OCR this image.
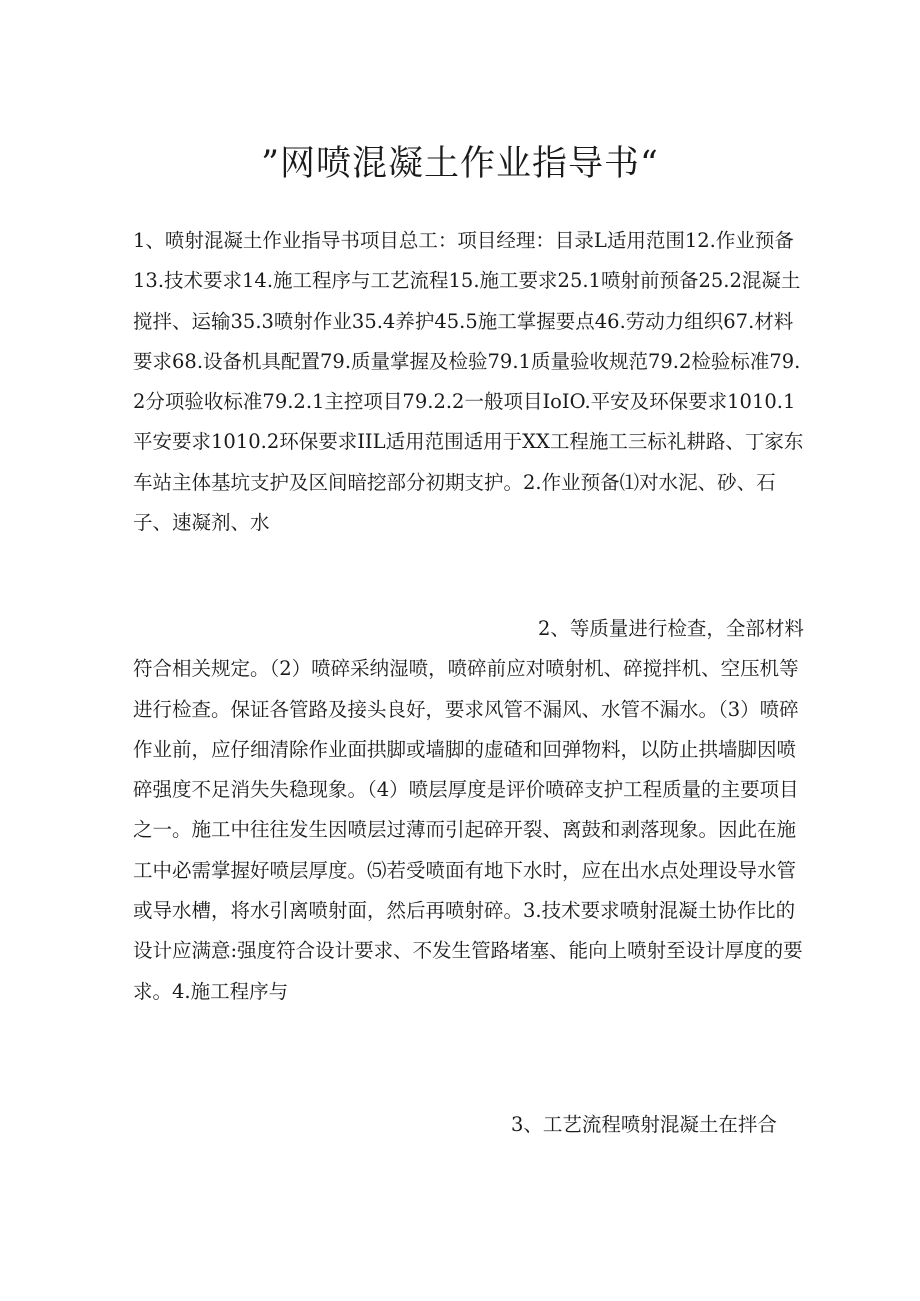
”网喷混凝土作业指导书“

1、喷射混凝土作业指导书项目总工：项目经理：目录L适用范围12.作业预备13.技术要求14.施工程序与工艺流程15.施工要求25.1喷射前预备25.2混凝土搅拌、运输35.3喷射作业35.4养护45.5施工掌握要点46.劳动力组织67.材料要求68.设备机具配置79.质量掌握及检验79.1质量验收规范79.2检验标准79.2分项验收标准79.2.1主控项目79.2.2一般项目IoIO.平安及环保要求1010.1平安要求1010.2环保要求IIL适用范围适用于XX工程施工三标礼耕路、丁家东车站主体基坑支护及区间暗挖部分初期支护。2.作业预备⑴对水泥、砂、石子、速凝剂、水

2、等质量进行检查，全部材料符合相关规定。（2）喷碎采纳湿喷，喷碎前应对喷射机、碎搅拌机、空压机等进行检查。保证各管路及接头良好，要求风管不漏风、水管不漏水。（3）喷碎作业前，应仔细清除作业面拱脚或墙脚的虚碴和回弹物料，以防止拱墙脚因喷碎强度不足消失失稳现象。（4）喷层厚度是评价喷碎支护工程质量的主要项目之一。施工中往往发生因喷层过薄而引起碎开裂、离鼓和剥落现象。因此在施工中必需掌握好喷层厚度。⑸若受喷面有地下水时，应在出水点处理设导水管或导水槽，将水引离喷射面，然后再喷射碎。3.技术要求喷射混凝土协作比的设计应满意:强度符合设计要求、不发生管路堵塞、能向上喷射至设计厚度的要求。4.施工程序与

3、工艺流程喷射混凝土在拌合
